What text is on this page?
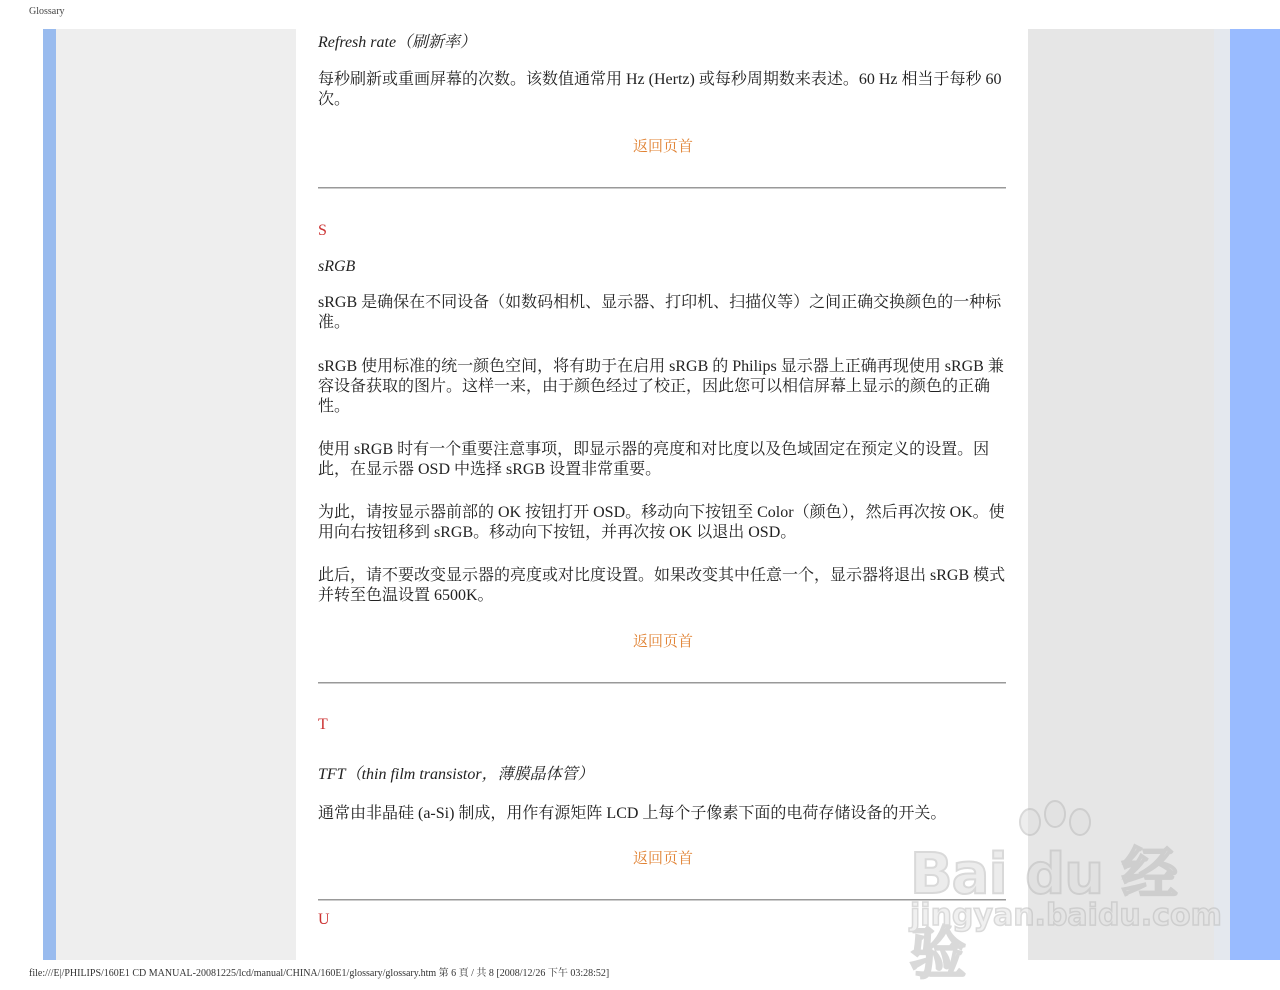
Glossary
Refresh rate（刷新率）

每秒刷新或重画屏幕的次数。该数值通常用 Hz (Hertz) 或每秒周期数来表述。60 Hz 相当于每秒 60 次。

返回页首
S
sRGB

sRGB 是确保在不同设备（如数码相机、显示器、打印机、扫描仪等）之间正确交换颜色的一种标准。

sRGB 使用标准的统一颜色空间，将有助于在启用 sRGB 的 Philips 显示器上正确再现使用 sRGB 兼容设备获取的图片。这样一来，由于颜色经过了校正，因此您可以相信屏幕上显示的颜色的正确性。

使用 sRGB 时有一个重要注意事项，即显示器的亮度和对比度以及色域固定在预定义的设置。因此，在显示器 OSD 中选择 sRGB 设置非常重要。

为此，请按显示器前部的 OK 按钮打开 OSD。移动向下按钮至 Color（颜色），然后再次按 OK。使用向右按钮移到 sRGB。移动向下按钮，并再次按 OK 以退出 OSD。

此后，请不要改变显示器的亮度或对比度设置。如果改变其中任意一个，显示器将退出 sRGB 模式并转至色温设置 6500K。

返回页首
T
TFT（thin film transistor，薄膜晶体管）

通常由非晶硅 (a-Si) 制成，用作有源矩阵 LCD 上每个子像素下面的电荷存储设备的开关。

返回页首
U
Bai du 经验
jingyan.baidu.com
file:///E|/PHILIPS/160E1 CD MANUAL-20081225/lcd/manual/CHINA/160E1/glossary/glossary.htm 第 6 頁 / 共 8 [2008/12/26 下午 03:28:52]
